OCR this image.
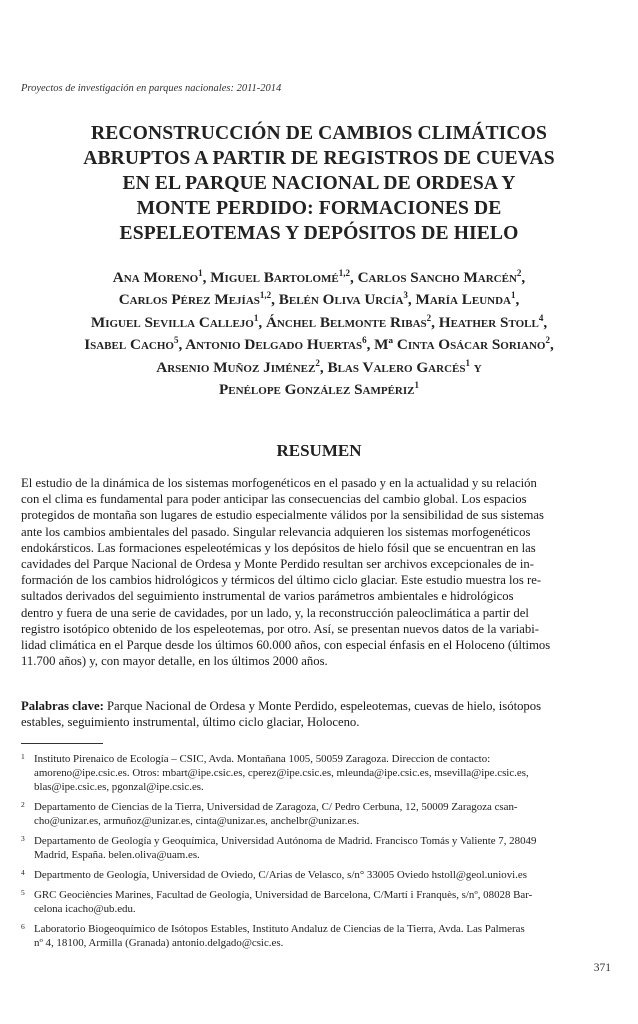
Proyectos de investigación en parques nacionales: 2011-2014
RECONSTRUCCIÓN DE CAMBIOS CLIMÁTICOS
ABRUPTOS A PARTIR DE REGISTROS DE CUEVAS
EN EL PARQUE NACIONAL DE ORDESA Y
MONTE PERDIDO: FORMACIONES DE
ESPELEOTEMAS Y DEPÓSITOS DE HIELO
Ana Moreno$^1$, Miguel Bartolomé$^{1,2}$, Carlos Sancho Marcén$^2$,
Carlos Pérez Mejías$^{1,2}$, Belén Oliva Urcía$^3$, María Leunda$^1$,
Miguel Sevilla Callejo$^1$, Ánchel Belmonte Ribas$^2$, Heather Stoll$^4$,
Isabel Cacho$^5$, Antonio Delgado Huertas$^6$, Mª Cinta Osácar Soriano$^2$,
Arsenio Muñoz Jiménez$^2$, Blas Valero Garcés$^1$ y
Penélope González Sampériz$^1$
RESUMEN
El estudio de la dinámica de los sistemas morfogenéticos en el pasado y en la actualidad y su relación
con el clima es fundamental para poder anticipar las consecuencias del cambio global. Los espacios
protegidos de montaña son lugares de estudio especialmente válidos por la sensibilidad de sus sistemas
ante los cambios ambientales del pasado. Singular relevancia adquieren los sistemas morfogenéticos
endokársticos. Las formaciones espeleotémicas y los depósitos de hielo fósil que se encuentran en las
cavidades del Parque Nacional de Ordesa y Monte Perdido resultan ser archivos excepcionales de in-
formación de los cambios hidrológicos y térmicos del último ciclo glaciar. Este estudio muestra los re-
sultados derivados del seguimiento instrumental de varios parámetros ambientales e hidrológicos
dentro y fuera de una serie de cavidades, por un lado, y, la reconstrucción paleoclimática a partir del
registro isotópico obtenido de los espeleotemas, por otro. Así, se presentan nuevos datos de la variabi-
lidad climática en el Parque desde los últimos 60.000 años, con especial énfasis en el Holoceno (últimos
11.700 años) y, con mayor detalle, en los últimos 2000 años.
Palabras clave: Parque Nacional de Ordesa y Monte Perdido, espeleotemas, cuevas de hielo, isótopos
estables, seguimiento instrumental, último ciclo glaciar, Holoceno.
1 Instituto Pirenaico de Ecología – CSIC, Avda. Montañana 1005, 50059 Zaragoza. Direccion de contacto:
amoreno@ipe.csic.es. Otros: mbart@ipe.csic.es, cperez@ipe.csic.es, mleunda@ipe.csic.es, msevilla@ipe.csic.es,
blas@ipe.csic.es, pgonzal@ipe.csic.es.
2 Departamento de Ciencias de la Tierra, Universidad de Zaragoza, C/ Pedro Cerbuna, 12, 50009 Zaragoza csan-
cho@unizar.es, armuñoz@unizar.es, cinta@unizar.es, anchelbr@unizar.es.
3 Departamento de Geología y Geoquímica, Universidad Autónoma de Madrid. Francisco Tomás y Valiente 7, 28049
Madrid, España. belen.oliva@uam.es.
4 Departmento de Geología, Universidad de Oviedo, C/Arias de Velasco, s/n° 33005 Oviedo hstoll@geol.uniovi.es
5 GRC Geociències Marines, Facultad de Geología, Universidad de Barcelona, C/Martí i Franquès, s/nº, 08028 Bar-
celona icacho@ub.edu.
6 Laboratorio Biogeoquímico de Isótopos Estables, Instituto Andaluz de Ciencias de la Tierra, Avda. Las Palmeras
nº 4, 18100, Armilla (Granada) antonio.delgado@csic.es.
371
